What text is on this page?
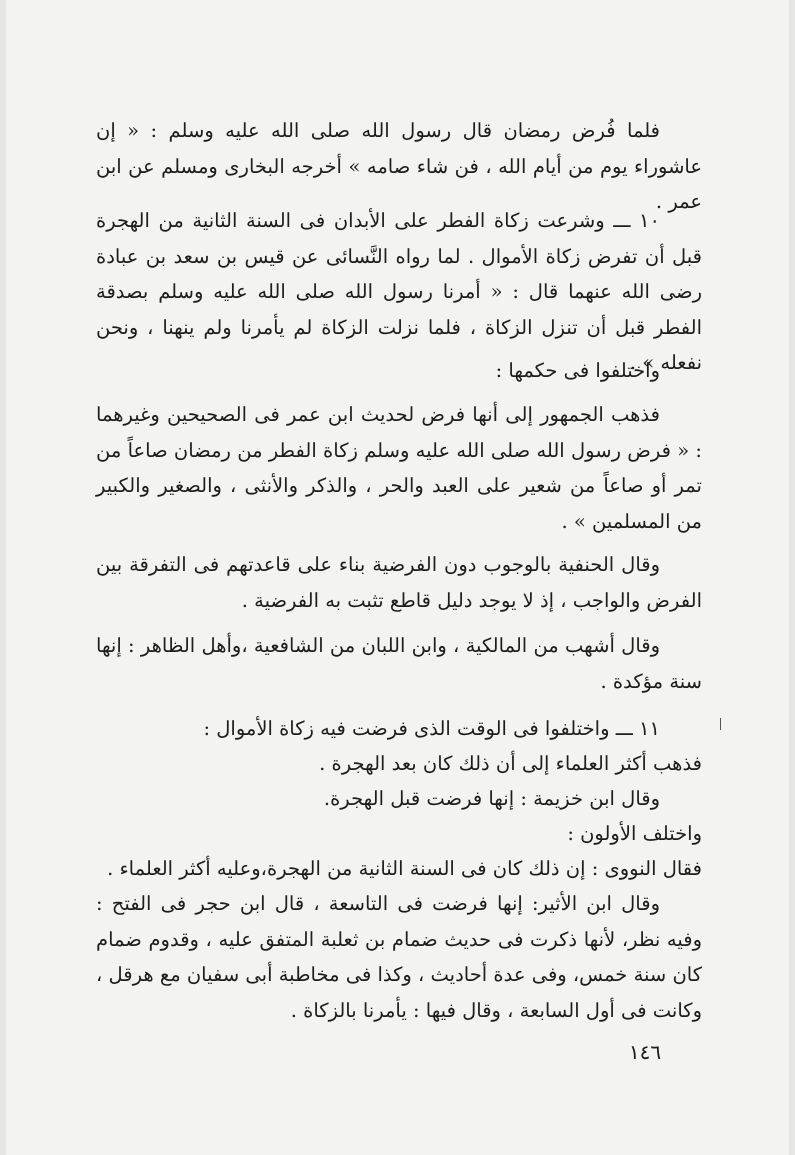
فلما فُرض رمضان قال رسول الله صلى الله عليه وسلم : « إن عاشوراء يوم من أيام الله ، فن شاء صامه » أخرجه البخارى ومسلم عن ابن عمر .

١٠ ـــ وشرعت زكاة الفطر على الأبدان فى السنة الثانية من الهجرة قبل أن تفرض زكاة الأموال . لما رواه النَّسائى عن قيس بن سعد بن عبادة رضى الله عنهما قال : « أمرنا رسول الله صلى الله عليه وسلم بصدقة الفطر قبل أن تنزل الزكاة ، فلما نزلت الزكاة لم يأمرنا ولم ينهنا ، ونحن نفعله » .

واختلفوا فى حكمها :

فذهب الجمهور إلى أنها فرض لحديث ابن عمر فى الصحيحين وغيرهما : « فرض رسول الله صلى الله عليه وسلم زكاة الفطر من رمضان صاعاً من تمر أو صاعاً من شعير على العبد والحر ، والذكر والأنثى ، والصغير والكبير من المسلمين » .

وقال الحنفية بالوجوب دون الفرضية بناء على قاعدتهم فى التفرقة بين الفرض والواجب ، إذ لا يوجد دليل قاطع تثبت به الفرضية .

وقال أشهب من المالكية ، وابن اللبان من الشافعية ،وأهل الظاهر : إنها سنة مؤكدة .

١١ ـــ واختلفوا فى الوقت الذى فرضت فيه زكاة الأموال :
فذهب أكثر العلماء إلى أن ذلك كان بعد الهجرة .
وقال ابن خزيمة : إنها فرضت قبل الهجرة.
واختلف الأولون :
فقال النووى : إن ذلك كان فى السنة الثانية من الهجرة،وعليه أكثر العلماء .

وقال ابن الأثير: إنها فرضت فى التاسعة ، قال ابن حجر فى الفتح : وفيه نظر، لأنها ذكرت فى حديث ضمام بن ثعلبة المتفق عليه ، وقدوم ضمام كان سنة خمس، وفى عدة أحاديث ، وكذا فى مخاطبة أبى سفيان مع هرقل ، وكانت فى أول السابعة ، وقال فيها : يأمرنا بالزكاة .

١٤٦
